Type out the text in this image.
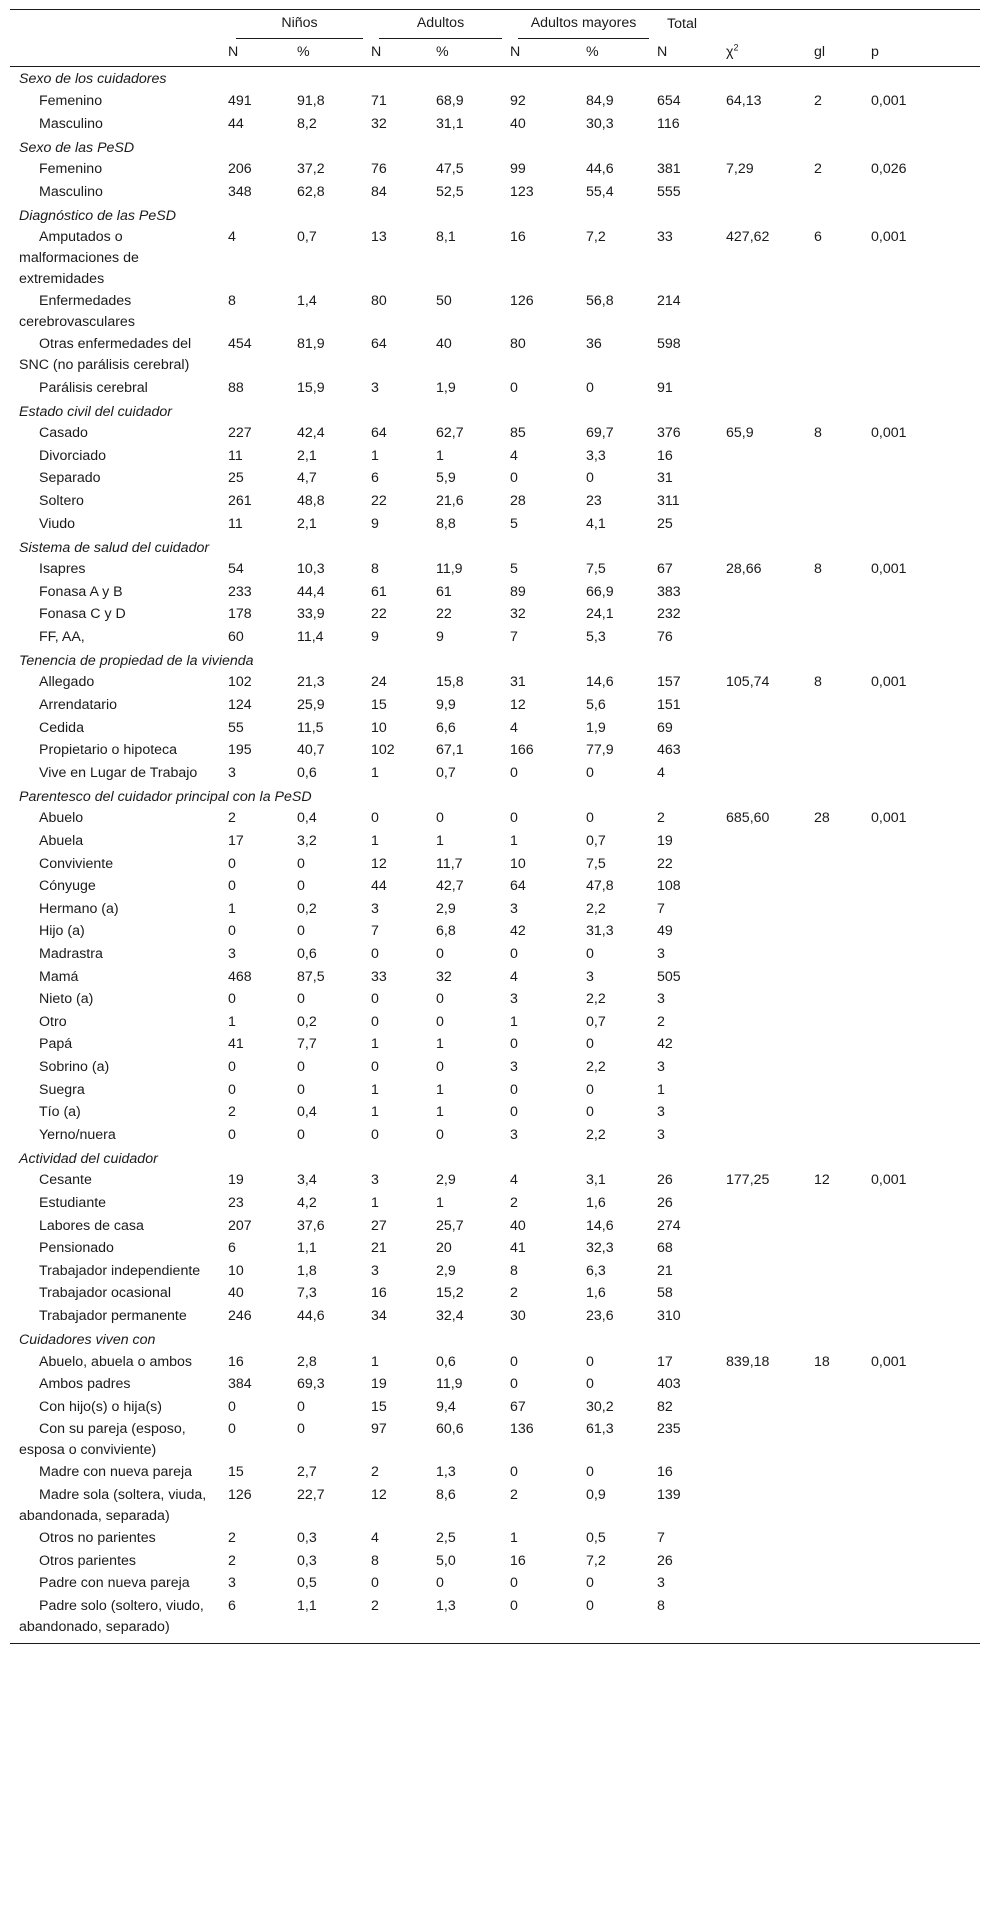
	Niños		Adultos		Adultos mayores		Total			
	N	%	N	%	N	%	N	$\chi^2$	gl	p
Sexo de los cuidadores										

Femenino	491	91,8	71	68,9	92	84,9	654	64,13	2	0,001

Masculino	44	8,2	32	31,1	40	30,3	116			
Sexo de las PeSD										

Femenino	206	37,2	76	47,5	99	44,6	381	7,29	2	0,026

Masculino	348	62,8	84	52,5	123	55,4	555			
Diagnóstico de las PeSD										

Amputados o malformaciones de extremidades	4	0,7	13	8,1	16	7,2	33	427,62	6	0,001

Enfermedades cerebrovasculares	8	1,4	80	50	126	56,8	214			

Otras enfermedades del SNC (no parálisis cerebral)	454	81,9	64	40	80	36	598			

Parálisis cerebral	88	15,9	3	1,9	0	0	91			
Estado civil del cuidador										

Casado	227	42,4	64	62,7	85	69,7	376	65,9	8	0,001

Divorciado	11	2,1	1	1	4	3,3	16			

Separado	25	4,7	6	5,9	0	0	31			

Soltero	261	48,8	22	21,6	28	23	311			

Viudo	11	2,1	9	8,8	5	4,1	25			
Sistema de salud del cuidador										

Isapres	54	10,3	8	11,9	5	7,5	67	28,66	8	0,001

Fonasa A y B	233	44,4	61	61	89	66,9	383			

Fonasa C y D	178	33,9	22	22	32	24,1	232			

FF, AA,	60	11,4	9	9	7	5,3	76			
Tenencia de propiedad de la vivienda										

Allegado	102	21,3	24	15,8	31	14,6	157	105,74	8	0,001

Arrendatario	124	25,9	15	9,9	12	5,6	151			

Cedida	55	11,5	10	6,6	4	1,9	69			

Propietario o hipoteca	195	40,7	102	67,1	166	77,9	463			

Vive en Lugar de Trabajo	3	0,6	1	0,7	0	0	4			
Parentesco del cuidador principal con la PeSD										

Abuelo	2	0,4	0	0	0	0	2	685,60	28	0,001

Abuela	17	3,2	1	1	1	0,7	19			

Conviviente	0	0	12	11,7	10	7,5	22			

Cónyuge	0	0	44	42,7	64	47,8	108			

Hermano (a)	1	0,2	3	2,9	3	2,2	7			

Hijo (a)	0	0	7	6,8	42	31,3	49			

Madrastra	3	0,6	0	0	0	0	3			

Mamá	468	87,5	33	32	4	3	505			

Nieto (a)	0	0	0	0	3	2,2	3			

Otro	1	0,2	0	0	1	0,7	2			

Papá	41	7,7	1	1	0	0	42			

Sobrino (a)	0	0	0	0	3	2,2	3			

Suegra	0	0	1	1	0	0	1			

Tío (a)	2	0,4	1	1	0	0	3			

Yerno/nuera	0	0	0	0	3	2,2	3			
Actividad del cuidador										

Cesante	19	3,4	3	2,9	4	3,1	26	177,25	12	0,001

Estudiante	23	4,2	1	1	2	1,6	26			

Labores de casa	207	37,6	27	25,7	40	14,6	274			

Pensionado	6	1,1	21	20	41	32,3	68			

Trabajador independiente	10	1,8	3	2,9	8	6,3	21			

Trabajador ocasional	40	7,3	16	15,2	2	1,6	58			

Trabajador permanente	246	44,6	34	32,4	30	23,6	310			
Cuidadores viven con										

Abuelo, abuela o ambos	16	2,8	1	0,6	0	0	17	839,18	18	0,001

Ambos padres	384	69,3	19	11,9	0	0	403			

Con hijo(s) o hija(s)	0	0	15	9,4	67	30,2	82			

Con su pareja (esposo, esposa o conviviente)	0	0	97	60,6	136	61,3	235			

Madre con nueva pareja	15	2,7	2	1,3	0	0	16			

Madre sola (soltera, viuda, abandonada, separada)	126	22,7	12	8,6	2	0,9	139			

Otros no parientes	2	0,3	4	2,5	1	0,5	7			

Otros parientes	2	0,3	8	5,0	16	7,2	26			

Padre con nueva pareja	3	0,5	0	0	0	0	3			

Padre solo (soltero, viudo, abandonado, separado)	6	1,1	2	1,3	0	0	8			
